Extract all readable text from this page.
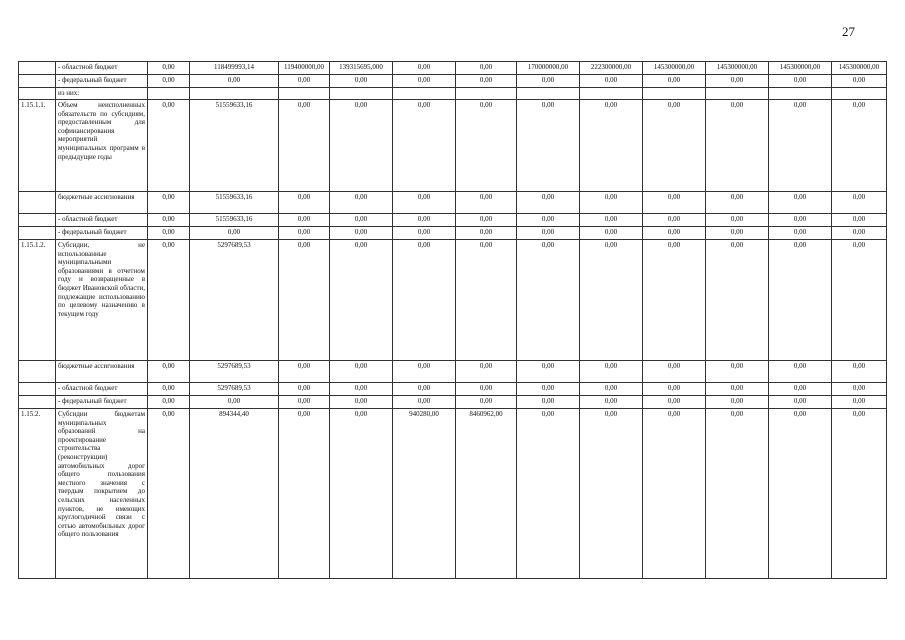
27
	- областной бюджет	0,00	118499993,14	119400000,00	139315695,000	0,00	0,00	170000000,00	222300000,00	145300000,00	145300000,00	145300000,00	145300000,00
	- федеральный бюджет	0,00	0,00	0,00	0,00	0,00	0,00	0,00	0,00	0,00	0,00	0,00	0,00
	из них:												
1.15.1.1.	Объем неисполненных обязательств по субсидиям, предоставленным для софинансирования мероприятий муниципальных программ в предыдущие годы	0,00	51559633,16	0,00	0,00	0,00	0,00	0,00	0,00	0,00	0,00	0,00	0,00
	бюджетные ассигнования	0,00	51559633,16	0,00	0,00	0,00	0,00	0,00	0,00	0,00	0,00	0,00	0,00
	- областной бюджет	0,00	51559633,16	0,00	0,00	0,00	0,00	0,00	0,00	0,00	0,00	0,00	0,00
	- федеральный бюджет	0,00	0,00	0,00	0,00	0,00	0,00	0,00	0,00	0,00	0,00	0,00	0,00
1.15.1.2.	Субсидии, не использованные муниципальными образованиями в отчетном году и возвращенные в бюджет Ивановской области, подлежащие использованию по целевому назначению в текущем году	0,00	5297689,53	0,00	0,00	0,00	0,00	0,00	0,00	0,00	0,00	0,00	0,00
	бюджетные ассигнования	0,00	5297689,53	0,00	0,00	0,00	0,00	0,00	0,00	0,00	0,00	0,00	0,00
	- областной бюджет	0,00	5297689,53	0,00	0,00	0,00	0,00	0,00	0,00	0,00	0,00	0,00	0,00
	- федеральный бюджет	0,00	0,00	0,00	0,00	0,00	0,00	0,00	0,00	0,00	0,00	0,00	0,00
1.15.2.	Субсидии бюджетам муниципальных образований на проектирование строительства (реконструкции) автомобильных дорог общего пользования местного значения с твердым покрытием до сельских населенных пунктов, не имеющих круглогодичной связи с сетью автомобильных дорог общего пользования	0,00	894344,40	0,00	0,00	940280,00	8460962,00	0,00	0,00	0,00	0,00	0,00	0,00
